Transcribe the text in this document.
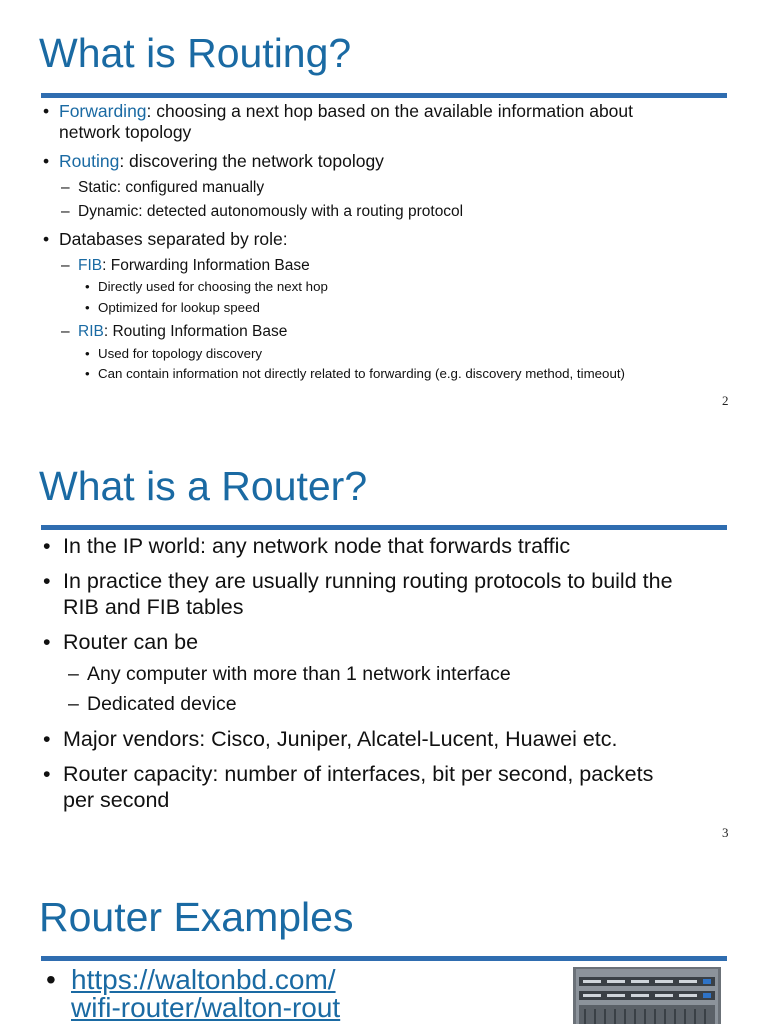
What is Routing?
• Forwarding: choosing a next hop based on the available information about
network topology
• Routing: discovering the network topology
– Static: configured manually
– Dynamic: detected autonomously with a routing protocol
• Databases separated by role:
– FIB: Forwarding Information Base
• Directly used for choosing the next hop
• Optimized for lookup speed
– RIB: Routing Information Base
• Used for topology discovery
• Can contain information not directly related to forwarding (e.g. discovery method, timeout)
2
What is a Router?
• In the IP world: any network node that forwards traffic
• In practice they are usually running routing protocols to build the
RIB and FIB tables
• Router can be
– Any computer with more than 1 network interface
– Dedicated device
• Major vendors: Cisco, Juniper, Alcatel-Lucent, Huawei etc.
• Router capacity: number of interfaces, bit per second, packets
per second
3
Router Examples
• https://waltonbd.com/
wifi-router/walton-rout
